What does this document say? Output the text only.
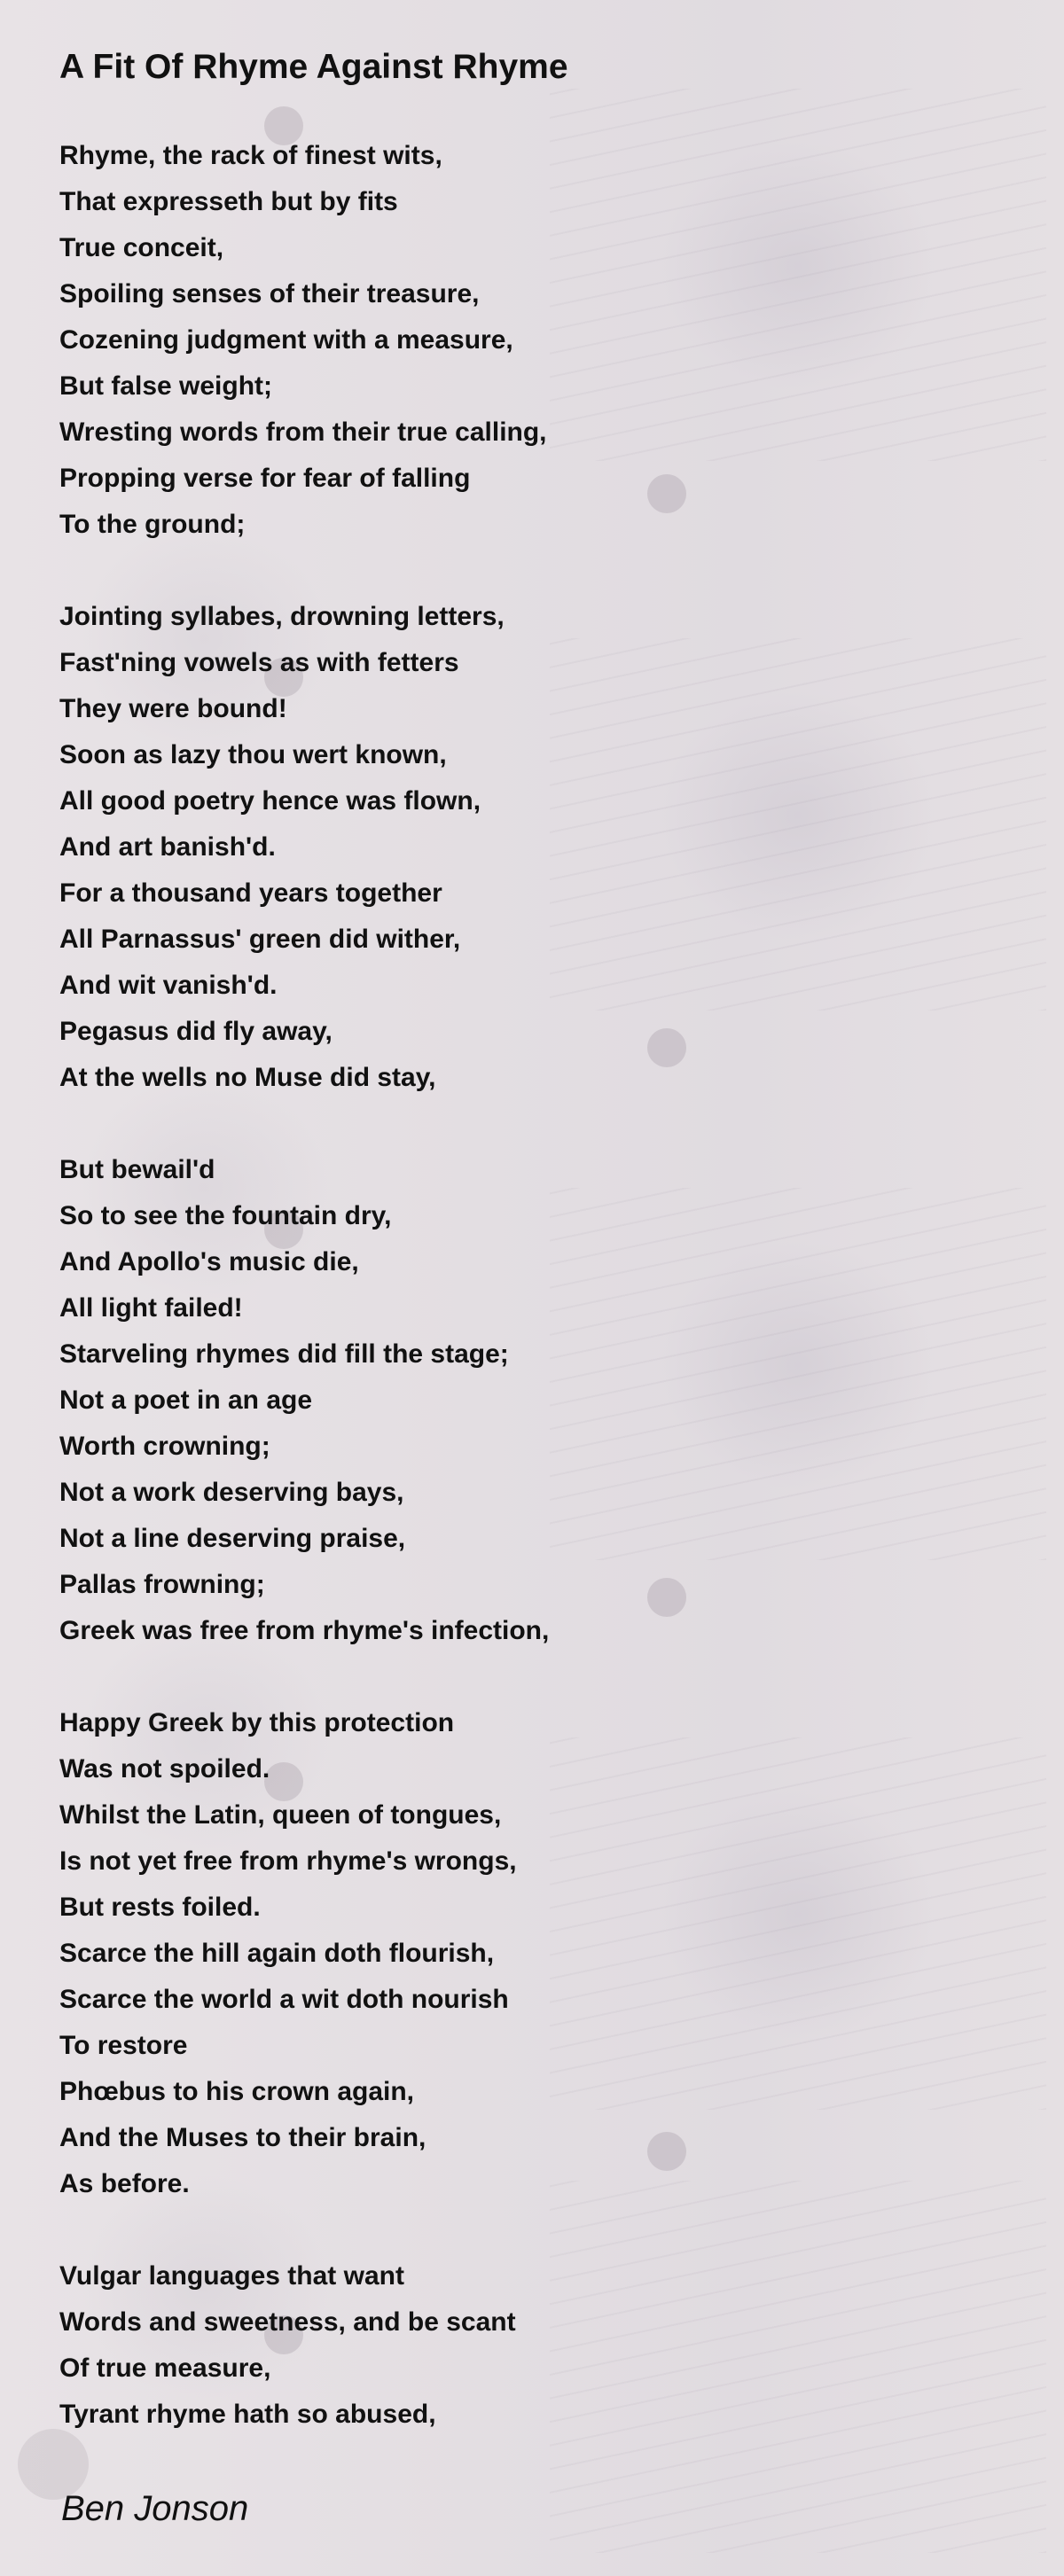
A Fit Of Rhyme Against Rhyme
Rhyme, the rack of finest wits,
That expresseth but by fits
True conceit,
Spoiling senses of their treasure,
Cozening judgment with a measure,
But false weight;
Wresting words from their true calling,
Propping verse for fear of falling
To the ground;
Jointing syllabes, drowning letters,
Fast'ning vowels as with fetters
They were bound!
Soon as lazy thou wert known,
All good poetry hence was flown,
And art banish'd.
For a thousand years together
All Parnassus' green did wither,
And wit vanish'd.
Pegasus did fly away,
At the wells no Muse did stay,
But bewail'd
So to see the fountain dry,
And Apollo's music die,
All light failed!
Starveling rhymes did fill the stage;
Not a poet in an age
Worth crowning;
Not a work deserving bays,
Not a line deserving praise,
Pallas frowning;
Greek was free from rhyme's infection,
Happy Greek by this protection
Was not spoiled.
Whilst the Latin, queen of tongues,
Is not yet free from rhyme's wrongs,
But rests foiled.
Scarce the hill again doth flourish,
Scarce the world a wit doth nourish
To restore
Phœbus to his crown again,
And the Muses to their brain,
As before.
Vulgar languages that want
Words and sweetness, and be scant
Of true measure,
Tyrant rhyme hath so abused,

Ben Jonson
